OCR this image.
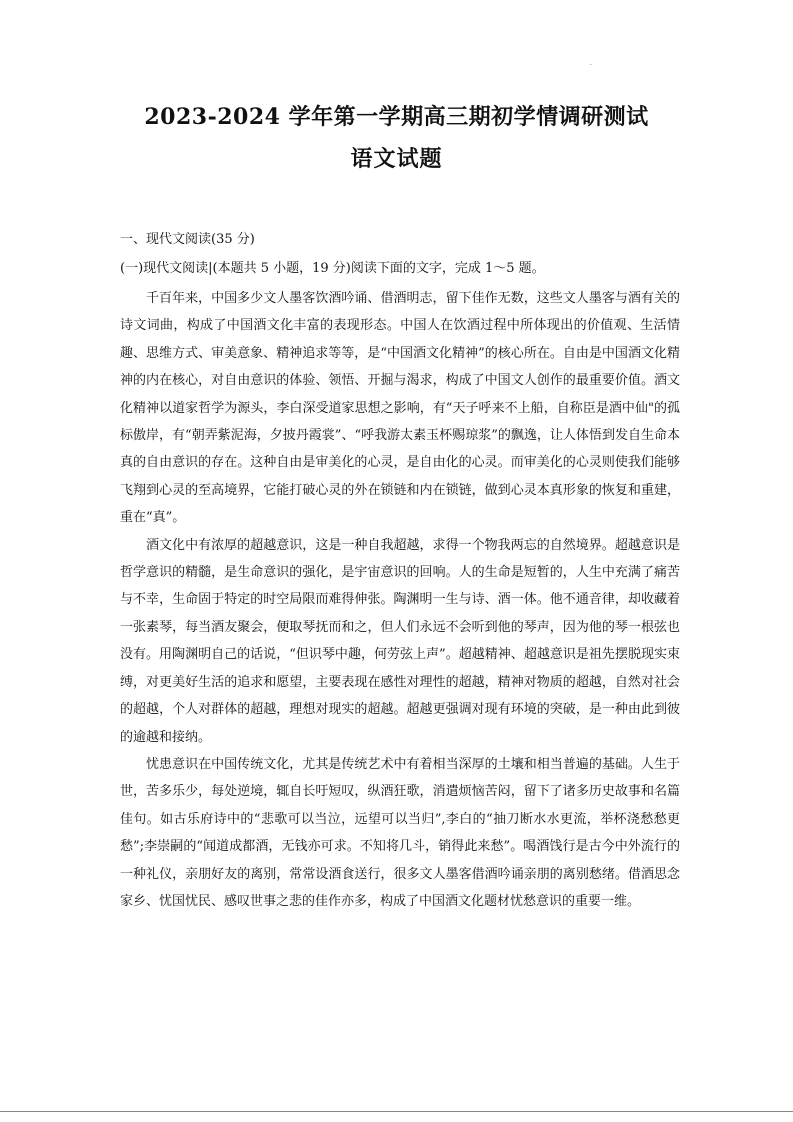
.
2023-2024 学年第一学期高三期初学情调研测试
语文试题
一、现代文阅读(35 分)
(一)现代文阅读|(本题共 5 小题，19 分)阅读下面的文字，完成 1～5 题。

千百年来，中国多少文人墨客饮酒吟诵、借酒明志，留下佳作无数，这些文人墨客与酒有关的诗文词曲，构成了中国酒文化丰富的表现形态。中国人在饮酒过程中所体现出的价值观、生活情趣、思维方式、审美意象、精神追求等等，是“中国酒文化精神”的核心所在。自由是中国酒文化精神的内在核心，对自由意识的体验、领悟、开掘与渴求，构成了中国文人创作的最重要价值。酒文化精神以道家哲学为源头，李白深受道家思想之影响，有“天子呼来不上船，自称臣是酒中仙"的孤标傲岸，有“朝弄紫泥海，夕披丹霞裳”、“呼我游太素玉杯赐琼浆”的飘逸，让人体悟到发自生命本真的自由意识的存在。这种自由是审美化的心灵，是自由化的心灵。而审美化的心灵则使我们能够飞翔到心灵的至高境界，它能打破心灵的外在锁链和内在锁链，做到心灵本真形象的恢复和重建，重在“真”。

酒文化中有浓厚的超越意识，这是一种自我超越，求得一个物我两忘的自然境界。超越意识是哲学意识的精髓，是生命意识的强化，是宇宙意识的回响。人的生命是短暂的，人生中充满了痛苦与不幸，生命固于特定的时空局限而难得伸张。陶渊明一生与诗、酒一体。他不通音律，却收藏着一张素琴，每当酒友聚会，便取琴抚而和之，但人们永远不会听到他的琴声，因为他的琴一根弦也没有。用陶渊明自己的话说，“但识琴中趣，何劳弦上声”。超越精神、超越意识是祖先摆脱现实束缚，对更美好生活的追求和愿望，主要表现在感性对理性的超越，精神对物质的超越，自然对社会的超越，个人对群体的超越，理想对现实的超越。超越更强调对现有环境的突破，是一种由此到彼的逾越和接纳。

忧患意识在中国传统文化，尤其是传统艺术中有着相当深厚的土壤和相当普遍的基础。人生于世，苦多乐少，每处逆境，辄自长吁短叹，纵酒狂歌，消遣烦恼苦闷，留下了诸多历史故事和名篇佳句。如古乐府诗中的“悲歌可以当泣，远望可以当归”,李白的“抽刀断水水更流，举杯浇愁愁更愁”;李崇嗣的“闻道成都酒，无钱亦可求。不知将几斗，销得此来愁”。喝酒饯行是古今中外流行的一种礼仪，亲朋好友的离别，常常设酒食送行，很多文人墨客借酒吟诵亲朋的离别愁绪。借酒思念家乡、忧国忧民、感叹世事之悲的佳作亦多，构成了中国酒文化题材忧愁意识的重要一维。
